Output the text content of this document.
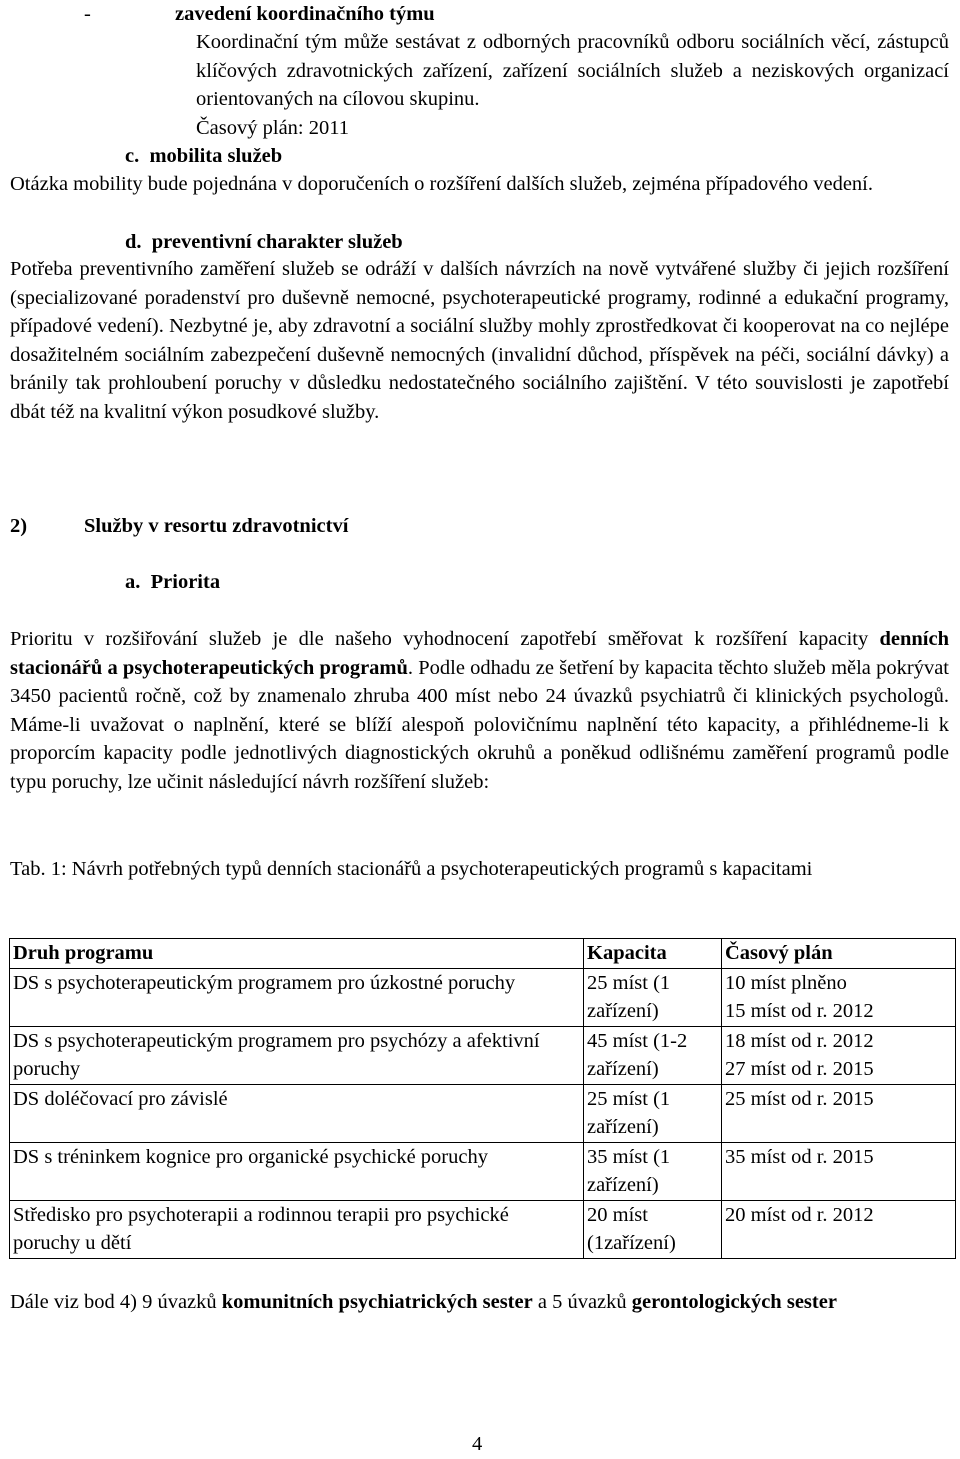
-	zavedení koordinačního týmu
Koordinační tým může sestávat z odborných pracovníků odboru sociálních věcí, zástupců klíčových zdravotnických zařízení, zařízení sociálních služeb a neziskových organizací orientovaných na cílovou skupinu.
Časový plán: 2011
c. mobilita služeb
Otázka mobility bude pojednána v doporučeních o rozšíření dalších služeb, zejména případového vedení.
d. preventivní charakter služeb
Potřeba preventivního zaměření služeb se odráží v dalších návrzích na nově vytvářené služby či jejich rozšíření (specializované poradenství pro duševně nemocné, psychoterapeutické programy, rodinné a edukační programy, případové vedení). Nezbytné je, aby zdravotní a sociální služby mohly zprostředkovat či kooperovat na co nejlépe dosažitelném sociálním zabezpečení duševně nemocných (invalidní důchod, příspěvek na péči, sociální dávky) a bránily tak prohloubení poruchy v důsledku nedostatečného sociálního zajištění. V této souvislosti je zapotřebí dbát též na kvalitní výkon posudkové služby.
2)	Služby v resortu zdravotnictví
a. Priorita
Prioritu v rozšiřování služeb je dle našeho vyhodnocení zapotřebí směřovat k rozšíření kapacity denních stacionářů a psychoterapeutických programů. Podle odhadu ze šetření by kapacita těchto služeb měla pokrývat 3450 pacientů ročně, což by znamenalo zhruba 400 míst nebo 24 úvazků psychiatrů či klinických psychologů. Máme-li uvažovat o naplnění, které se blíží alespoň polovičnímu naplnění této kapacity, a přihlédneme-li k proporcím kapacity podle jednotlivých diagnostických okruhů a poněkud odlišnému zaměření programů podle typu poruchy, lze učinit následující návrh rozšíření služeb:
Tab. 1: Návrh potřebných typů denních stacionářů a psychoterapeutických programů s kapacitami
Druh programu	Kapacita	Časový plán
DS s psychoterapeutickým programem pro úzkostné poruchy	25 míst (1 zařízení)	10 míst plněno
15 míst od r. 2012

DS s psychoterapeutickým programem pro psychózy a afektivní poruchy	45 míst (1-2 zařízení)	18 míst od r. 2012
27 míst od r. 2015

DS doléčovací pro závislé	25 míst (1 zařízení)	25 míst od r. 2015

DS s tréninkem kognice pro organické psychické poruchy	35 míst (1 zařízení)	35 míst od r. 2015

Středisko pro psychoterapii a rodinnou terapii pro psychické poruchy u dětí	20 míst (1zařízení)	20 míst od r. 2012
Dále viz bod 4) 9 úvazků komunitních psychiatrických sester a 5 úvazků gerontologických sester
4
